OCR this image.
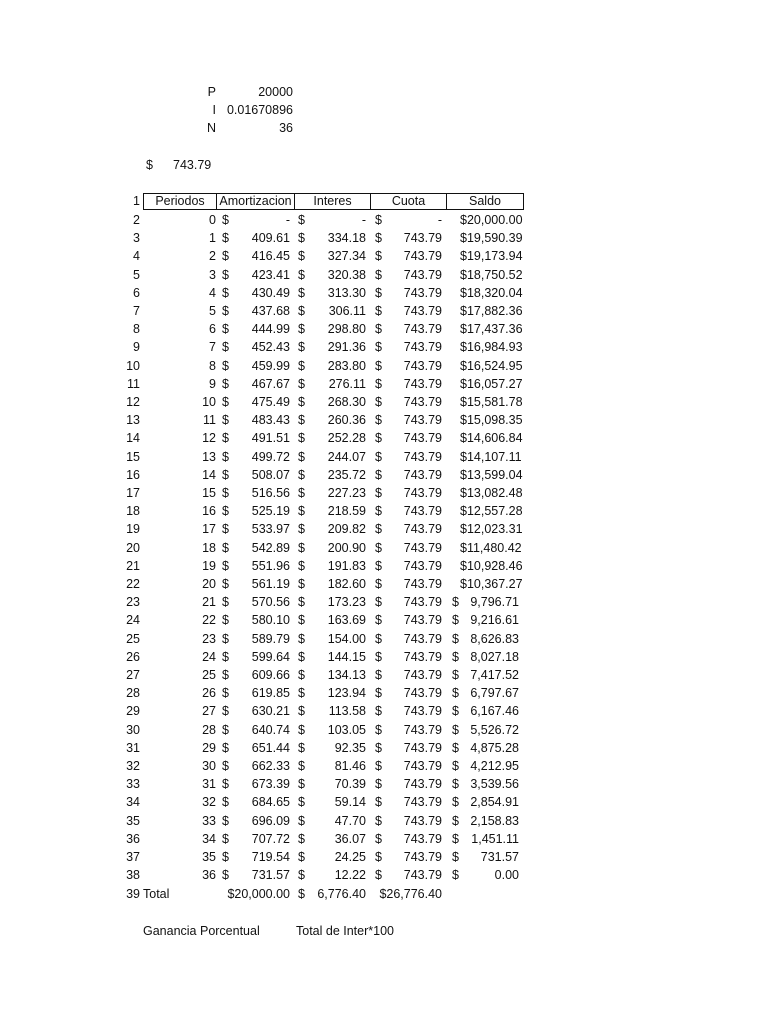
P	20000
I 0.01670896
N	36
$ 743.79
1	Periodos	Amortizacion	Interes	Cuota	Saldo
2	0 $	- $	- $	- $20,000.00
3	1 $	409.61 $	334.18 $	743.79 $19,590.39
4	2 $	416.45 $	327.34 $	743.79 $19,173.94
5	3 $	423.41 $	320.38 $	743.79 $18,750.52
6	4 $	430.49 $	313.30 $	743.79 $18,320.04
7	5 $	437.68 $	306.11 $	743.79 $17,882.36
8	6 $	444.99 $	298.80 $	743.79 $17,437.36
9	7 $	452.43 $	291.36 $	743.79 $16,984.93
10	8 $	459.99 $	283.80 $	743.79 $16,524.95
11	9 $	467.67 $	276.11 $	743.79 $16,057.27
12	10 $	475.49 $	268.30 $	743.79 $15,581.78
13	11 $	483.43 $	260.36 $	743.79 $15,098.35
14	12 $	491.51 $	252.28 $	743.79 $14,606.84
15	13 $	499.72 $	244.07 $	743.79 $14,107.11
16	14 $	508.07 $	235.72 $	743.79 $13,599.04
17	15 $	516.56 $	227.23 $	743.79 $13,082.48
18	16 $	525.19 $	218.59 $	743.79 $12,557.28
19	17 $	533.97 $	209.82 $	743.79 $12,023.31
20	18 $	542.89 $	200.90 $	743.79 $11,480.42
21	19 $	551.96 $	191.83 $	743.79 $10,928.46
22	20 $	561.19 $	182.60 $	743.79 $10,367.27
23	21 $	570.56 $	173.23 $	743.79 $ 9,796.71
24	22 $	580.10 $	163.69 $	743.79 $ 9,216.61
25	23 $	589.79 $	154.00 $	743.79 $ 8,626.83
26	24 $	599.64 $	144.15 $	743.79 $ 8,027.18
27	25 $	609.66 $	134.13 $	743.79 $ 7,417.52
28	26 $	619.85 $	123.94 $	743.79 $ 6,797.67
29	27 $	630.21 $	113.58 $	743.79 $ 6,167.46
30	28 $	640.74 $	103.05 $	743.79 $ 5,526.72
31	29 $	651.44 $	92.35 $	743.79 $ 4,875.28
32	30 $	662.33 $	81.46 $	743.79 $ 4,212.95
33	31 $	673.39 $	70.39 $	743.79 $ 3,539.56
34	32 $	684.65 $	59.14 $	743.79 $ 2,854.91
35	33 $	696.09 $	47.70 $	743.79 $ 2,158.83
36	34 $	707.72 $	36.07 $	743.79 $ 1,451.11
37	35 $	719.54 $	24.25 $	743.79 $	731.57
38	36 $	731.57 $	12.22 $	743.79 $	0.00
39 Total	$20,000.00 $ 6,776.40	$26,776.40
Ganancia Porcentual	Total de Inter*100
